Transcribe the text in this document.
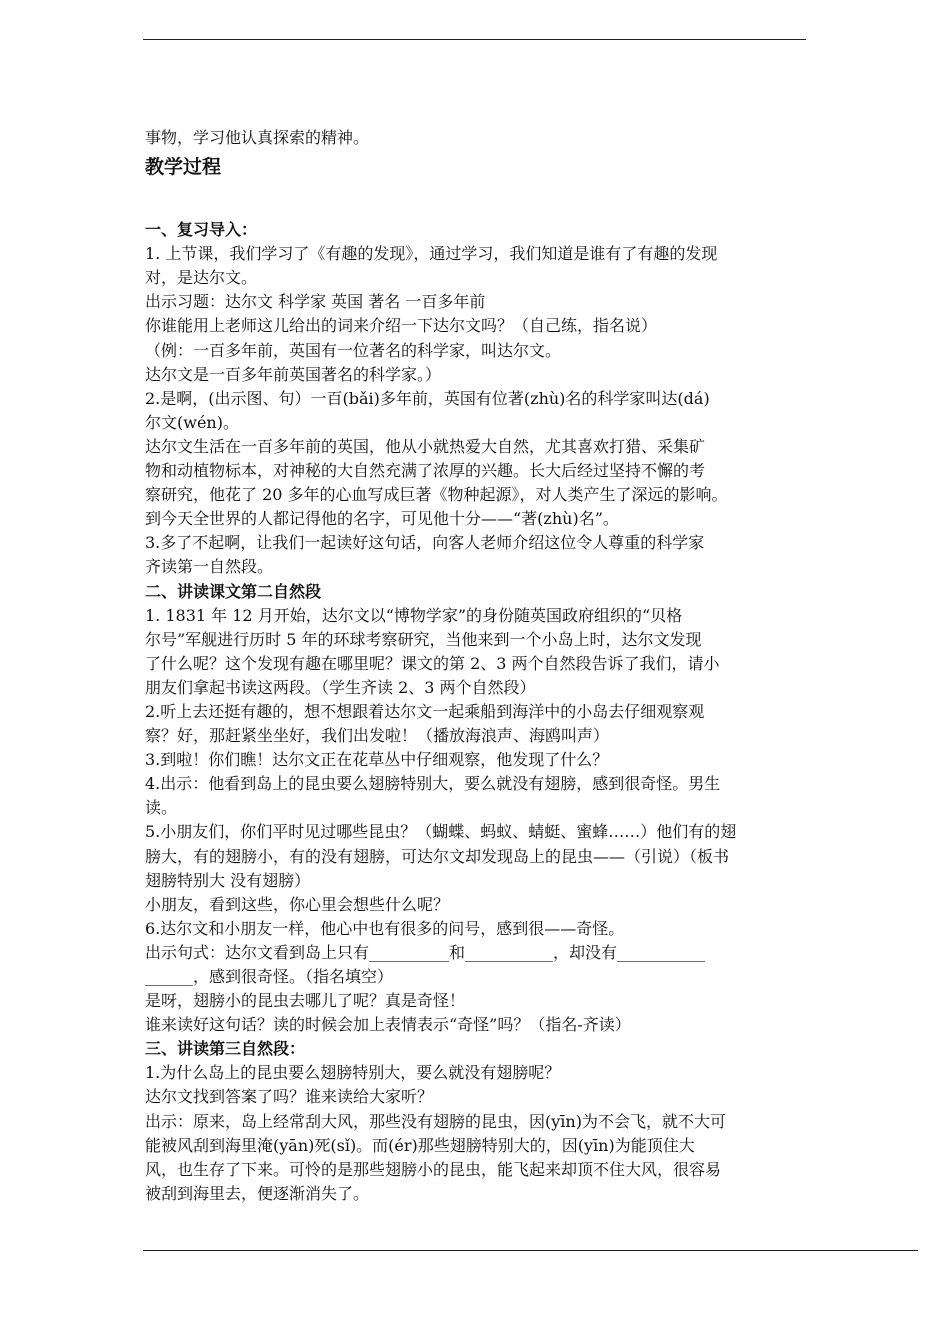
事物，学习他认真探索的精神。
教学过程
一、复习导入：
1. 上节课，我们学习了《有趣的发现》，通过学习，我们知道是谁有了有趣的发现
对，是达尔文。
出示习题：达尔文 科学家 英国 著名 一百多年前
你谁能用上老师这儿给出的词来介绍一下达尔文吗？（自己练，指名说）
（例：一百多年前，英国有一位著名的科学家，叫达尔文。
达尔文是一百多年前英国著名的科学家。）
2.是啊，(出示图、句）一百(bǎi)多年前，英国有位著(zhù)名的科学家叫达(dá)
尔文(wén)。
达尔文生活在一百多年前的英国，他从小就热爱大自然，尤其喜欢打猎、采集矿
物和动植物标本，对神秘的大自然充满了浓厚的兴趣。长大后经过坚持不懈的考
察研究，他花了 20 多年的心血写成巨著《物种起源》，对人类产生了深远的影响。
到今天全世界的人都记得他的名字，可见他十分——“著(zhù)名”。
3.多了不起啊，让我们一起读好这句话，向客人老师介绍这位令人尊重的科学家
齐读第一自然段。
二、讲读课文第二自然段
1. 1831 年 12 月开始，达尔文以“博物学家”的身份随英国政府组织的“贝格
尔号”军舰进行历时 5 年的环球考察研究，当他来到一个小岛上时，达尔文发现
了什么呢？这个发现有趣在哪里呢？课文的第 2、3 两个自然段告诉了我们，请小
朋友们拿起书读这两段。（学生齐读 2、3 两个自然段）
2.听上去还挺有趣的，想不想跟着达尔文一起乘船到海洋中的小岛去仔细观察观
察？好，那赶紧坐坐好，我们出发啦！（播放海浪声、海鸥叫声）
3.到啦！你们瞧！达尔文正在花草丛中仔细观察，他发现了什么？
4.出示：他看到岛上的昆虫要么翅膀特别大，要么就没有翅膀，感到很奇怪。男生
读。
5.小朋友们，你们平时见过哪些昆虫？（蝴蝶、蚂蚁、蜻蜓、蜜蜂……）他们有的翅
膀大，有的翅膀小，有的没有翅膀，可达尔文却发现岛上的昆虫——（引说）（板书
翅膀特别大 没有翅膀）
小朋友，看到这些，你心里会想些什么呢？
6.达尔文和小朋友一样，他心中也有很多的问号，感到很——奇怪。
出示句式：达尔文看到岛上只有__________和___________，却没有___________
______，感到很奇怪。（指名填空）
是呀，翅膀小的昆虫去哪儿了呢？真是奇怪！
谁来读好这句话？读的时候会加上表情表示“奇怪”吗？（指名-齐读）
三、讲读第三自然段：
1.为什么岛上的昆虫要么翅膀特别大，要么就没有翅膀呢？
达尔文找到答案了吗？谁来读给大家听？
出示：原来，岛上经常刮大风，那些没有翅膀的昆虫，因(yīn)为不会飞，就不大可
能被风刮到海里淹(yān)死(sǐ)。而(ér)那些翅膀特别大的，因(yīn)为能顶住大
风，也生存了下来。可怜的是那些翅膀小的昆虫，能飞起来却顶不住大风，很容易
被刮到海里去，便逐渐消失了。
